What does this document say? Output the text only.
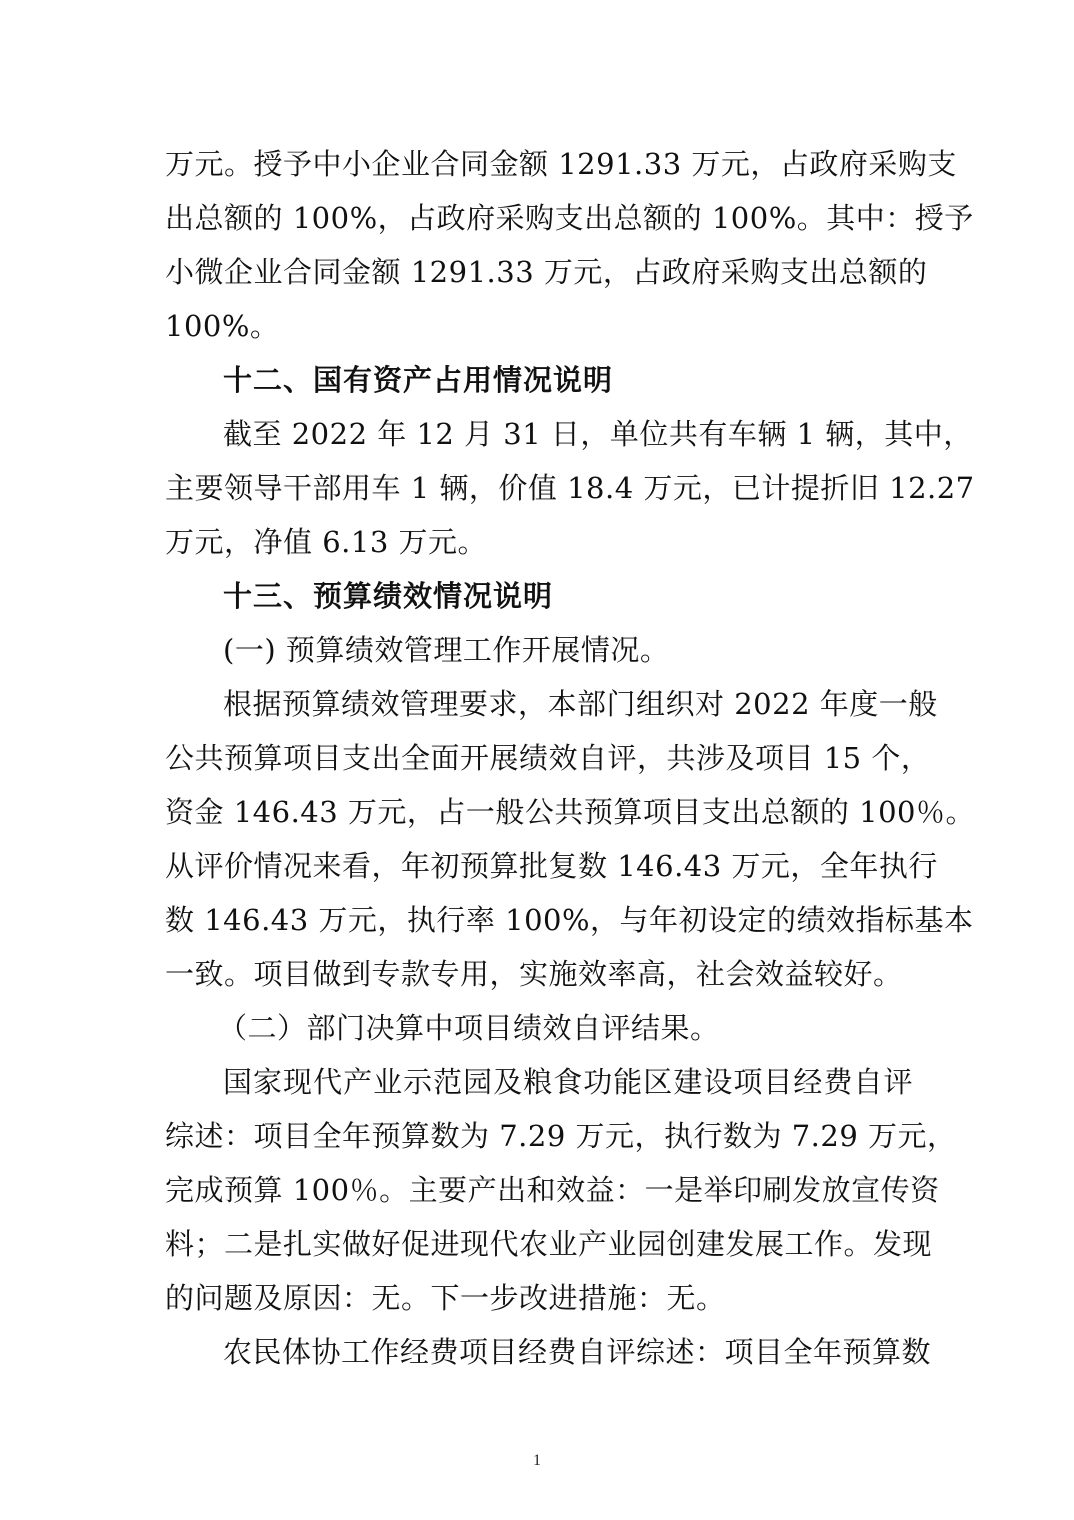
万元。授予中小企业合同金额 1291.33 万元，占政府采购支
出总额的 100%，占政府采购支出总额的 100%。其中：授予
小微企业合同金额 1291.33 万元，占政府采购支出总额的
100%。
十二、国有资产占用情况说明
截至 2022 年 12 月 31 日，单位共有车辆 1 辆，其中，
主要领导干部用车 1 辆，价值 18.4 万元，已计提折旧 12.27
万元，净值 6.13 万元。
十三、预算绩效情况说明
(一) 预算绩效管理工作开展情况。
根据预算绩效管理要求，本部门组织对 2022 年度一般
公共预算项目支出全面开展绩效自评，共涉及项目 15 个，
资金 146.43 万元，占一般公共预算项目支出总额的 100％。
从评价情况来看，年初预算批复数 146.43 万元，全年执行
数 146.43 万元，执行率 100%，与年初设定的绩效指标基本
一致。项目做到专款专用，实施效率高，社会效益较好。
（二）部门决算中项目绩效自评结果。
国家现代产业示范园及粮食功能区建设项目经费自评
综述：项目全年预算数为 7.29 万元，执行数为 7.29 万元，
完成预算 100％。主要产出和效益：一是举印刷发放宣传资
料；二是扎实做好促进现代农业产业园创建发展工作。发现
的问题及原因：无。下一步改进措施：无。
农民体协工作经费项目经费自评综述：项目全年预算数
1
